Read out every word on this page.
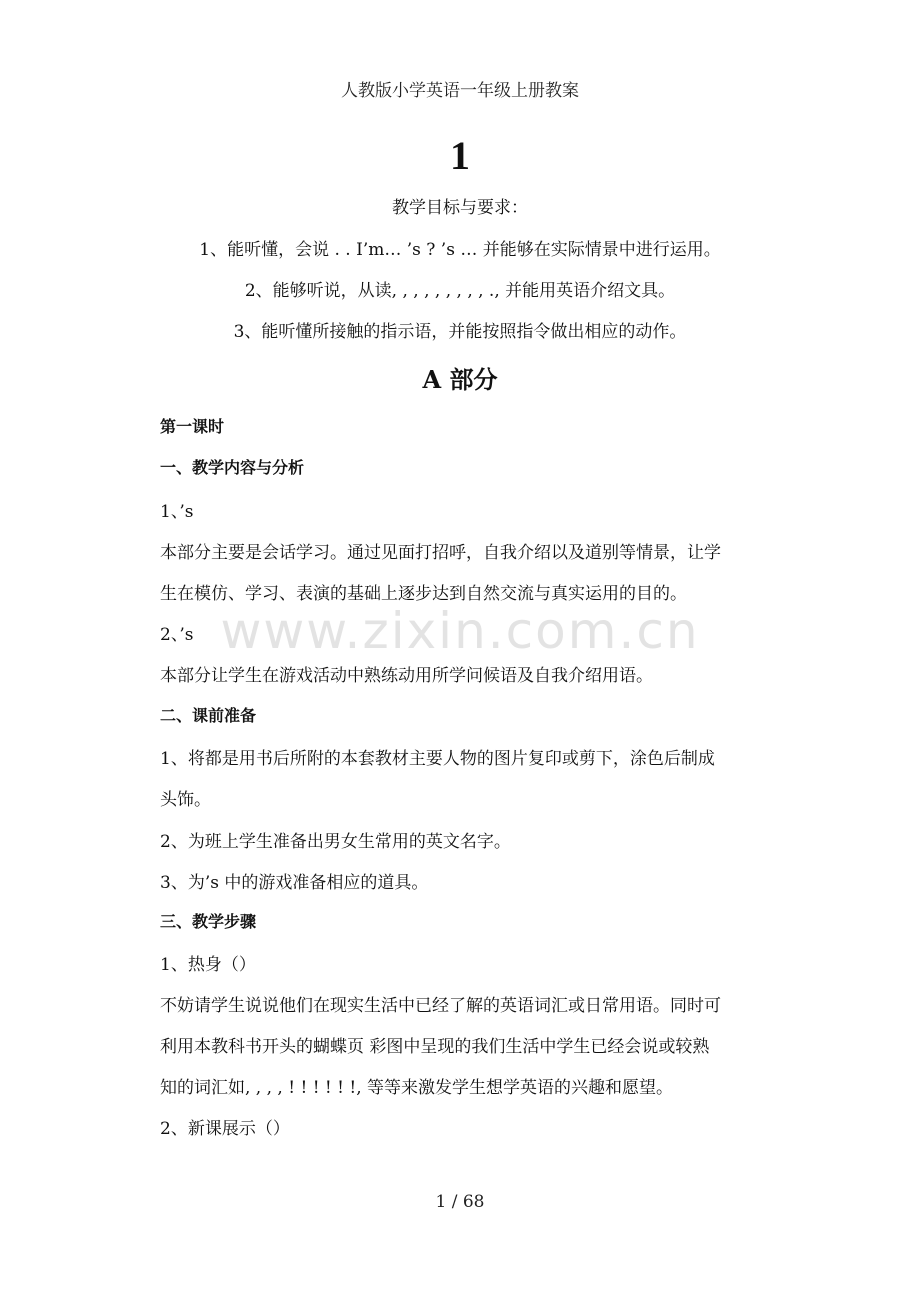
人教版小学英语一年级上册教案
1
教学目标与要求：
1、能听懂，会说 . . I’m… ’s ? ’s … 并能够在实际情景中进行运用。
2、能够听说，从读, , , , , , , , , ., 并能用英语介绍文具。
3、能听懂所接触的指示语，并能按照指令做出相应的动作。
A 部分
第一课时
一、教学内容与分析
1、’s
本部分主要是会话学习。通过见面打招呼，自我介绍以及道别等情景，让学
生在模仿、学习、表演的基础上逐步达到自然交流与真实运用的目的。
2、’s
本部分让学生在游戏活动中熟练动用所学问候语及自我介绍用语。
二、课前准备
1、将都是用书后所附的本套教材主要人物的图片复印或剪下，涂色后制成
头饰。
2、为班上学生准备出男女生常用的英文名字。
3、为’s 中的游戏准备相应的道具。
三、教学步骤
1、热身（）
不妨请学生说说他们在现实生活中已经了解的英语词汇或日常用语。同时可
利用本教科书开头的蝴蝶页 彩图中呈现的我们生活中学生已经会说或较熟
知的词汇如, , , , ! ! ! ! ! !, 等等来激发学生想学英语的兴趣和愿望。
2、新课展示（）
www.zixin.com.cn
1 / 68
